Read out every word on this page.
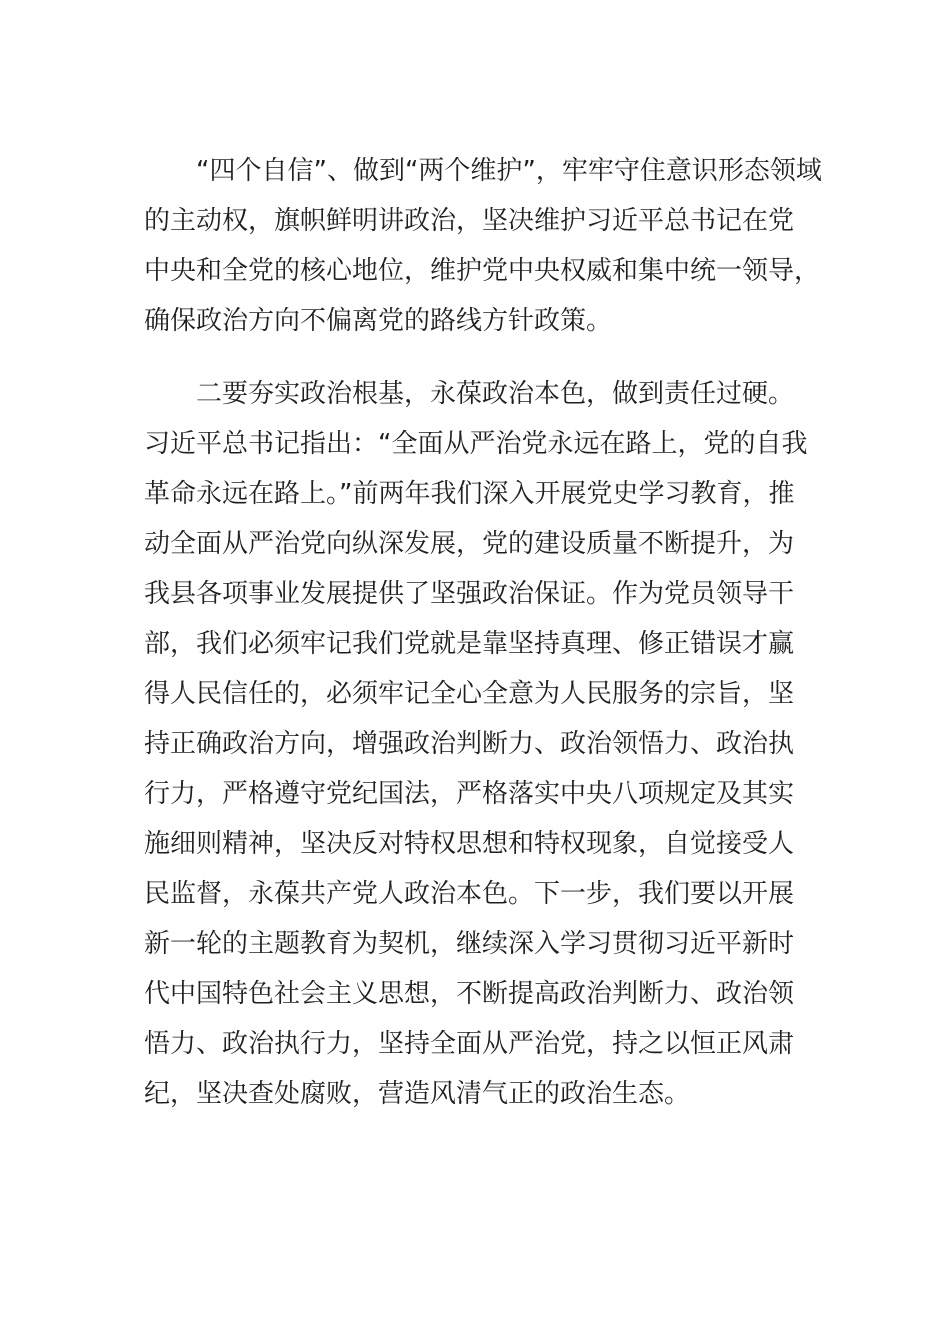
“四个自信”、做到“两个维护”，牢牢守住意识形态领域
的主动权，旗帜鲜明讲政治，坚决维护习近平总书记在党
中央和全党的核心地位，维护党中央权威和集中统一领导，
确保政治方向不偏离党的路线方针政策。
二要夯实政治根基，永葆政治本色，做到责任过硬。
习近平总书记指出：“全面从严治党永远在路上，党的自我
革命永远在路上。”前两年我们深入开展党史学习教育，推
动全面从严治党向纵深发展，党的建设质量不断提升，为
我县各项事业发展提供了坚强政治保证。作为党员领导干
部，我们必须牢记我们党就是靠坚持真理、修正错误才赢
得人民信任的，必须牢记全心全意为人民服务的宗旨，坚
持正确政治方向，增强政治判断力、政治领悟力、政治执
行力，严格遵守党纪国法，严格落实中央八项规定及其实
施细则精神，坚决反对特权思想和特权现象，自觉接受人
民监督，永葆共产党人政治本色。下一步，我们要以开展
新一轮的主题教育为契机，继续深入学习贯彻习近平新时
代中国特色社会主义思想，不断提高政治判断力、政治领
悟力、政治执行力，坚持全面从严治党，持之以恒正风肃
纪，坚决查处腐败，营造风清气正的政治生态。
